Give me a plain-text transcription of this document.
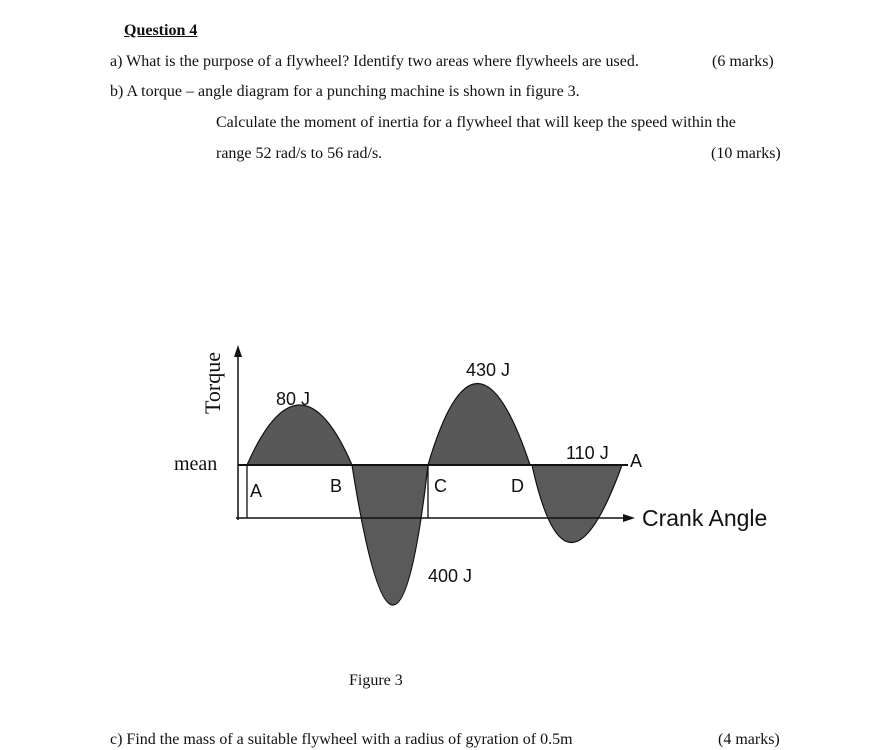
Question 4
a) What is the purpose of a flywheel? Identify two areas where flywheels are used.	(6 marks)
b) A torque – angle diagram for a punching machine is shown in figure 3.
Calculate the moment of inertia for a flywheel that will keep the speed within the
range 52 rad/s to 56 rad/s.	(10 marks)
Torque
Crank Angle
mean
A	B	C	D
A
80 J
400 J
430 J
110 J
Figure 3
c) Find the mass of a suitable flywheel with a radius of gyration of 0.5m	(4 marks)
